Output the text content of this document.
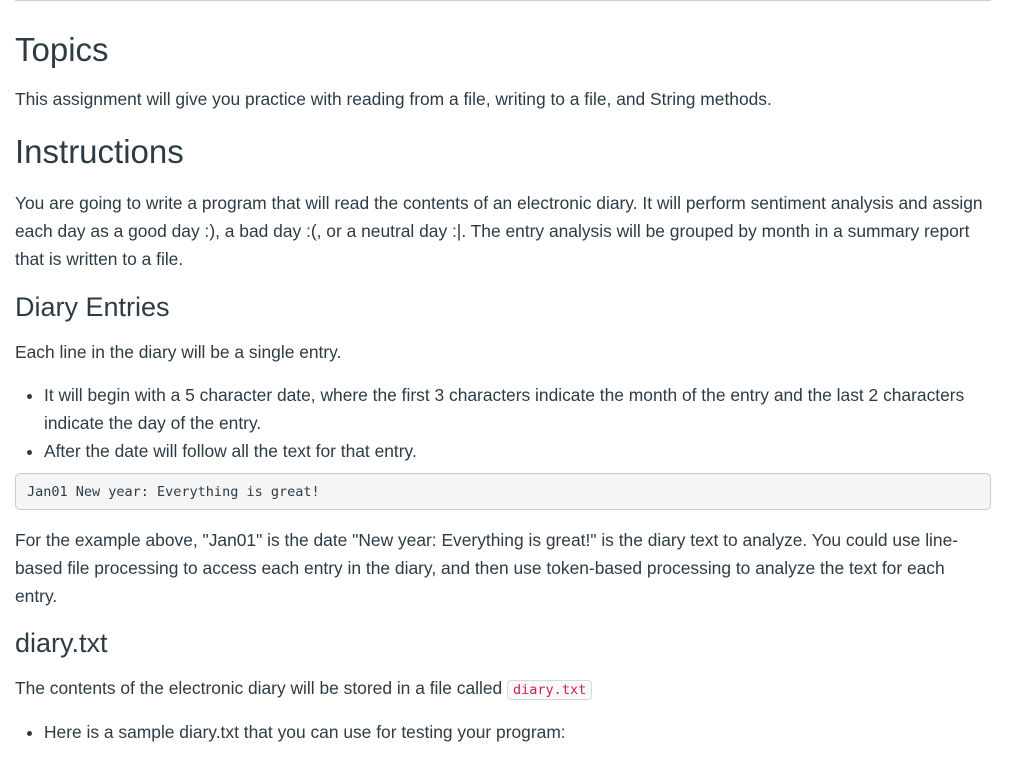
Topics

This assignment will give you practice with reading from a file, writing to a file, and String methods.

Instructions

You are going to write a program that will read the contents of an electronic diary. It will perform sentiment analysis and assign each day as a good day :), a bad day :(, or a neutral day :|. The entry analysis will be grouped by month in a summary report that is written to a file.

Diary Entries

Each line in the diary will be a single entry.

• It will begin with a 5 character date, where the first 3 characters indicate the month of the entry and the last 2 characters indicate the day of the entry.
• After the date will follow all the text for that entry.
Jan01 New year: Everything is great!

For the example above, "Jan01" is the date "New year: Everything is great!" is the diary text to analyze. You could use line-based file processing to access each entry in the diary, and then use token-based processing to analyze the text for each entry.

diary.txt

The contents of the electronic diary will be stored in a file called diary.txt

• Here is a sample diary.txt that you can use for testing your program:
